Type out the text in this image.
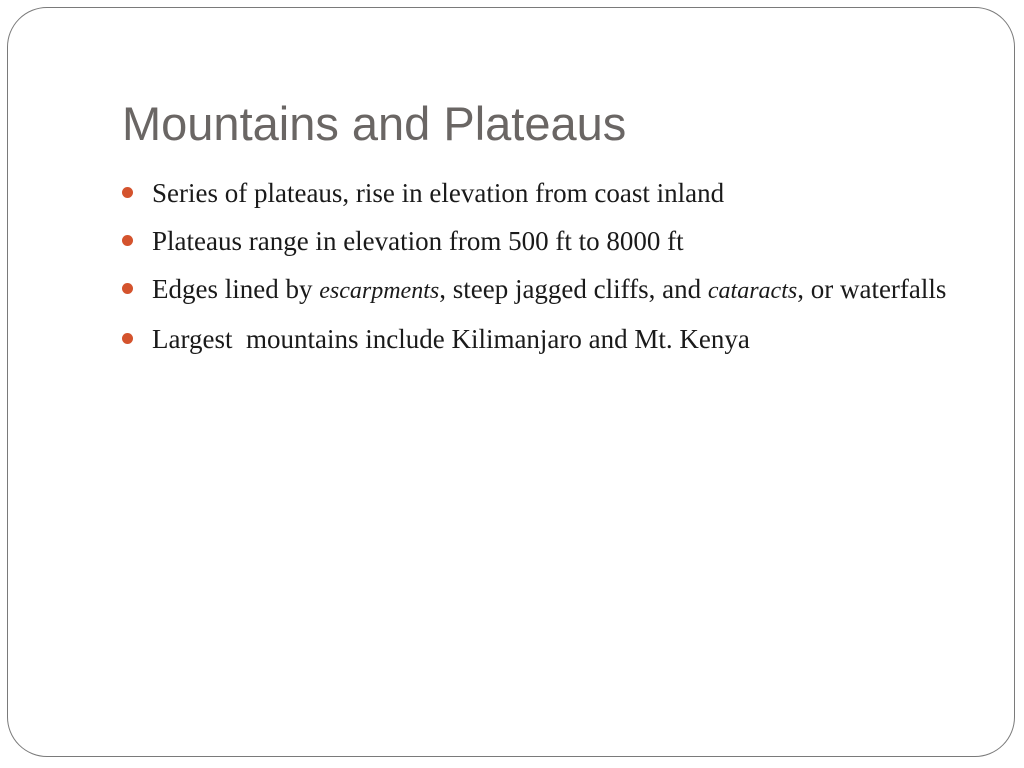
Mountains and Plateaus
Series of plateaus, rise in elevation from coast inland
Plateaus range in elevation from 500 ft to 8000 ft
Edges lined by escarpments, steep jagged cliffs, and cataracts, or waterfalls
Largest  mountains include Kilimanjaro and Mt. Kenya
